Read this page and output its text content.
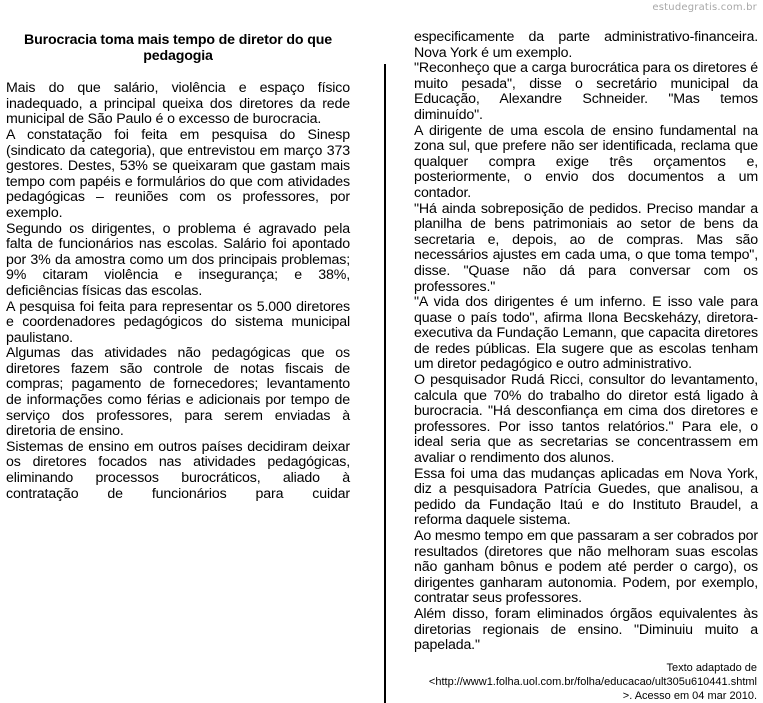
estudegratis.com.br
Burocracia toma mais tempo de diretor do que pedagogia

Mais do que salário, violência e espaço físico inadequado, a principal queixa dos diretores da rede municipal de São Paulo é o excesso de burocracia.

A constatação foi feita em pesquisa do Sinesp (sindicato da categoria), que entrevistou em março 373 gestores. Destes, 53% se queixaram que gastam mais tempo com papéis e formulários do que com atividades pedagógicas – reuniões com os professores, por exemplo.

Segundo os dirigentes, o problema é agravado pela falta de funcionários nas escolas. Salário foi apontado por 3% da amostra como um dos principais problemas; 9% citaram violência e insegurança; e 38%, deficiências físicas das escolas.

A pesquisa foi feita para representar os 5.000 diretores e coordenadores pedagógicos do sistema municipal paulistano.

Algumas das atividades não pedagógicas que os diretores fazem são controle de notas fiscais de compras; pagamento de fornecedores; levantamento de informações como férias e adicionais por tempo de serviço dos professores, para serem enviadas à diretoria de ensino.

Sistemas de ensino em outros países decidiram deixar os diretores focados nas atividades pedagógicas, eliminando processos burocráticos, aliado à contratação de funcionários para cuidar

especificamente da parte administrativo-financeira. Nova York é um exemplo.

"Reconheço que a carga burocrática para os diretores é muito pesada", disse o secretário municipal da Educação, Alexandre Schneider. "Mas temos diminuído".

A dirigente de uma escola de ensino fundamental na zona sul, que prefere não ser identificada, reclama que qualquer compra exige três orçamentos e, posteriormente, o envio dos documentos a um contador.

"Há ainda sobreposição de pedidos. Preciso mandar a planilha de bens patrimoniais ao setor de bens da secretaria e, depois, ao de compras. Mas são necessários ajustes em cada uma, o que toma tempo", disse. "Quase não dá para conversar com os professores."

"A vida dos dirigentes é um inferno. E isso vale para quase o país todo", afirma Ilona Becskeházy, diretora-executiva da Fundação Lemann, que capacita diretores de redes públicas. Ela sugere que as escolas tenham um diretor pedagógico e outro administrativo.

O pesquisador Rudá Ricci, consultor do levantamento, calcula que 70% do trabalho do diretor está ligado à burocracia. "Há desconfiança em cima dos diretores e professores. Por isso tantos relatórios." Para ele, o ideal seria que as secretarias se concentrassem em avaliar o rendimento dos alunos.

Essa foi uma das mudanças aplicadas em Nova York, diz a pesquisadora Patrícia Guedes, que analisou, a pedido da Fundação Itaú e do Instituto Braudel, a reforma daquele sistema.

Ao mesmo tempo em que passaram a ser cobrados por resultados (diretores que não melhoram suas escolas não ganham bônus e podem até perder o cargo), os dirigentes ganharam autonomia. Podem, por exemplo, contratar seus professores.

Além disso, foram eliminados órgãos equivalentes às diretorias regionais de ensino. "Diminuiu muito a papelada."

Texto adaptado de
<http://www1.folha.uol.com.br/folha/educacao/ult305u610441.shtml
>. Acesso em 04 mar 2010.
